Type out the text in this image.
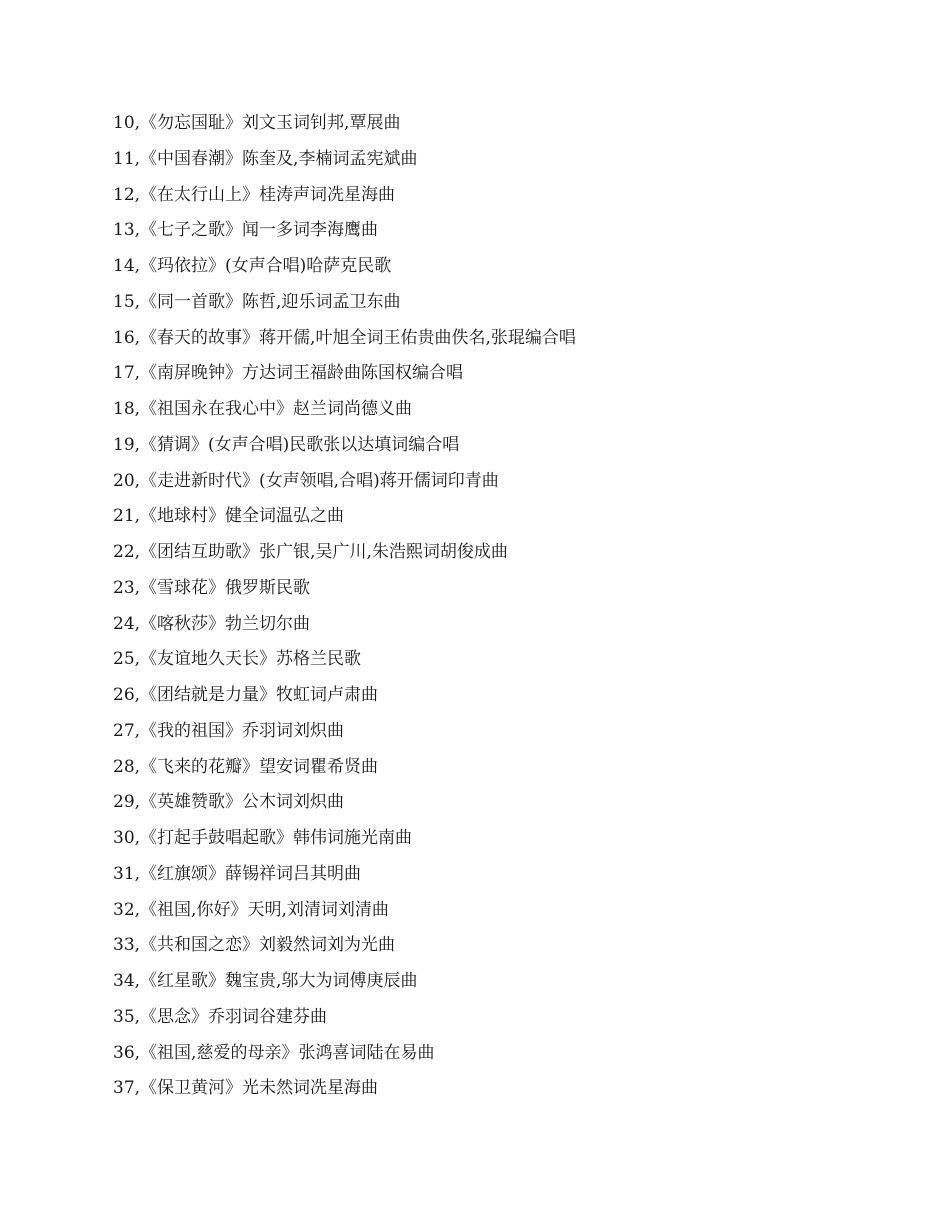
10,《勿忘国耻》刘文玉词钊邦,覃展曲
11,《中国春潮》陈奎及,李楠词孟宪斌曲
12,《在太行山上》桂涛声词冼星海曲
13,《七子之歌》闻一多词李海鹰曲
14,《玛依拉》(女声合唱)哈萨克民歌
15,《同一首歌》陈哲,迎乐词孟卫东曲
16,《春天的故事》蒋开儒,叶旭全词王佑贵曲佚名,张琨编合唱
17,《南屏晚钟》方达词王福龄曲陈国权编合唱
18,《祖国永在我心中》赵兰词尚德义曲
19,《猜调》(女声合唱)民歌张以达填词编合唱
20,《走进新时代》(女声领唱,合唱)蒋开儒词印青曲
21,《地球村》健全词温弘之曲
22,《团结互助歌》张广银,吴广川,朱浩熙词胡俊成曲
23,《雪球花》俄罗斯民歌
24,《喀秋莎》勃兰切尔曲
25,《友谊地久天长》苏格兰民歌
26,《团结就是力量》牧虹词卢肃曲
27,《我的祖国》乔羽词刘炽曲
28,《飞来的花瓣》望安词瞿希贤曲
29,《英雄赞歌》公木词刘炽曲
30,《打起手鼓唱起歌》韩伟词施光南曲
31,《红旗颂》薛锡祥词吕其明曲
32,《祖国,你好》天明,刘清词刘清曲
33,《共和国之恋》刘毅然词刘为光曲
34,《红星歌》魏宝贵,邬大为词傅庚辰曲
35,《思念》乔羽词谷建芬曲
36,《祖国,慈爱的母亲》张鸿喜词陆在易曲
37,《保卫黄河》光未然词冼星海曲
